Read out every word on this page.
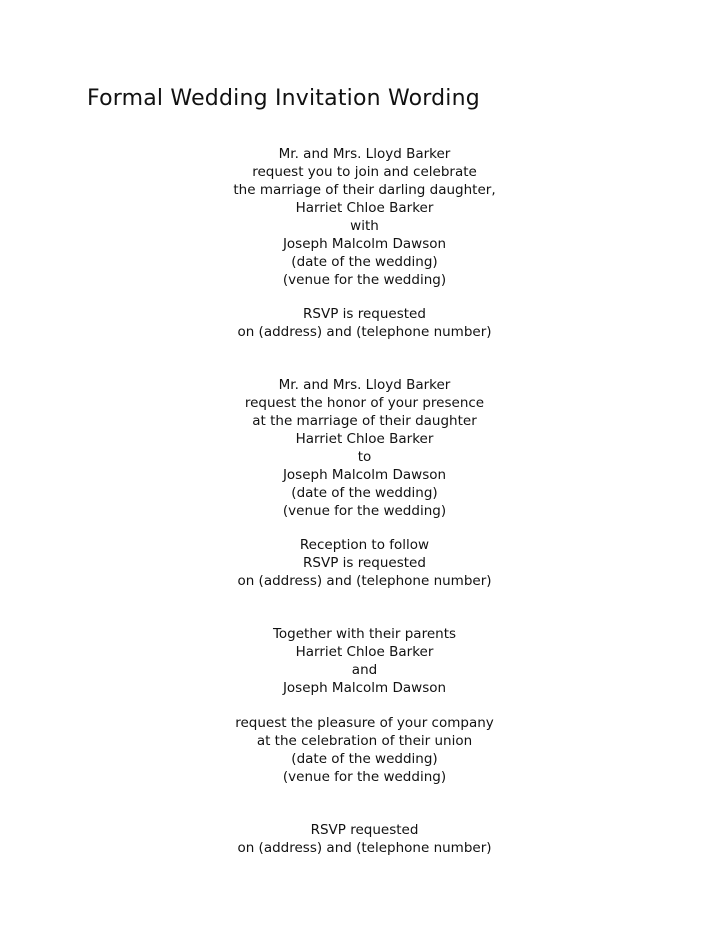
Formal Wedding Invitation Wording
Mr. and Mrs. Lloyd Barker
request you to join and celebrate
the marriage of their darling daughter,
Harriet Chloe Barker
with
Joseph Malcolm Dawson
(date of the wedding)
(venue for the wedding)
RSVP is requested
on (address) and (telephone number)
Mr. and Mrs. Lloyd Barker
request the honor of your presence
at the marriage of their daughter
Harriet Chloe Barker
to
Joseph Malcolm Dawson
(date of the wedding)
(venue for the wedding)
Reception to follow
RSVP is requested
on (address) and (telephone number)
Together with their parents
Harriet Chloe Barker
and
Joseph Malcolm Dawson
request the pleasure of your company
at the celebration of their union
(date of the wedding)
(venue for the wedding)
RSVP requested
on (address) and (telephone number)
